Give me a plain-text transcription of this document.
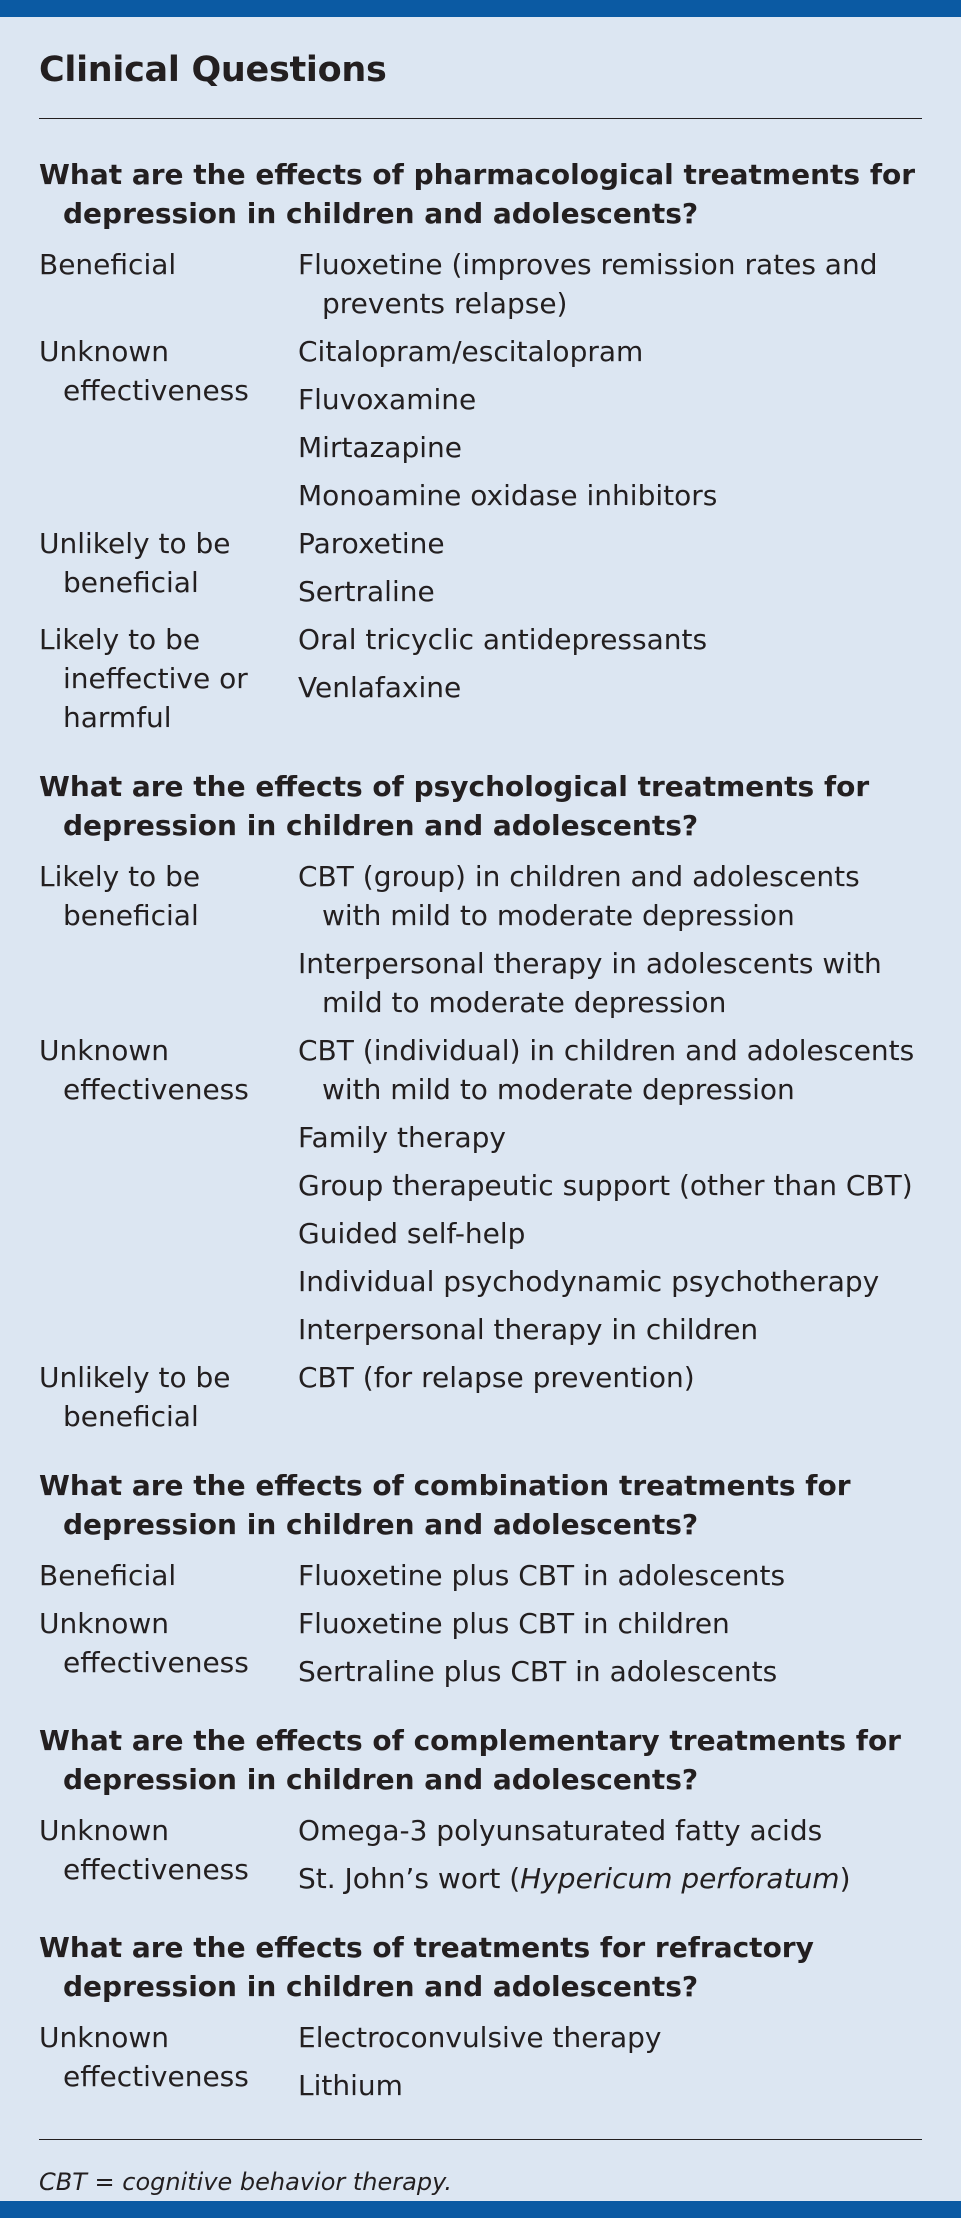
Clinical Questions
What are the effects of pharmacological treatments for depression in children and adolescents?
Beneficial	Fluoxetine (improves remission rates and prevents relapse)
Unknown effectiveness
Citalopram/escitalopram
Fluvoxamine
Mirtazapine
Monoamine oxidase inhibitors
Unlikely to be beneficial
Paroxetine
Sertraline
Likely to be ineffective or harmful
Oral tricyclic antidepressants
Venlafaxine
What are the effects of psychological treatments for depression in children and adolescents?
Likely to be beneficial
CBT (group) in children and adolescents with mild to moderate depression
Interpersonal therapy in adolescents with mild to moderate depression
Unknown effectiveness
CBT (individual) in children and adolescents with mild to moderate depression
Family therapy
Group therapeutic support (other than CBT)
Guided self-help
Individual psychodynamic psychotherapy
Interpersonal therapy in children
Unlikely to be beneficial
CBT (for relapse prevention)
What are the effects of combination treatments for depression in children and adolescents?
Beneficial	Fluoxetine plus CBT in adolescents
Unknown effectiveness
Fluoxetine plus CBT in children
Sertraline plus CBT in adolescents
What are the effects of complementary treatments for depression in children and adolescents?
Unknown effectiveness
Omega-3 polyunsaturated fatty acids
St. John’s wort (Hypericum perforatum)
What are the effects of treatments for refractory depression in children and adolescents?
Unknown effectiveness
Electroconvulsive therapy
Lithium
CBT = cognitive behavior therapy.
